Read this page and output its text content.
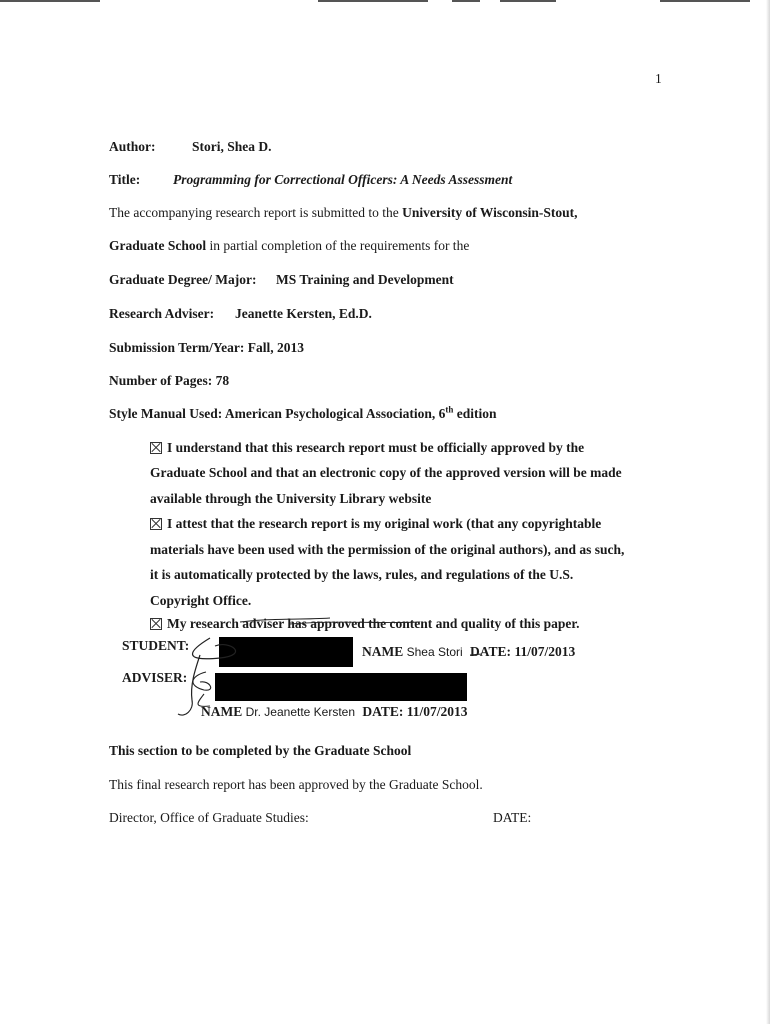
1
Author:	Stori, Shea D.
Title: Programming for Correctional Officers: A Needs Assessment
The accompanying research report is submitted to the University of Wisconsin-Stout,
Graduate School in partial completion of the requirements for the
Graduate Degree/ Major: MS Training and Development
Research Adviser: Jeanette Kersten, Ed.D.
Submission Term/Year: Fall, 2013
Number of Pages: 78
Style Manual Used: American Psychological Association, 6th edition
I understand that this research report must be officially approved by the
Graduate School and that an electronic copy of the approved version will be made
available through the University Library website
I attest that the research report is my original work (that any copyrightable
materials have been used with the permission of the original authors), and as such,
it is automatically protected by the laws, rules, and regulations of the U.S.
Copyright Office.
My research adviser has approved the content and quality of this paper.
STUDENT:	NAME Shea Stori DATE: 11/07/2013
ADVISER:
NAME Dr. Jeanette Kersten DATE: 11/07/2013
This section to be completed by the Graduate School
This final research report has been approved by the Graduate School.
Director, Office of Graduate Studies:	DATE:
